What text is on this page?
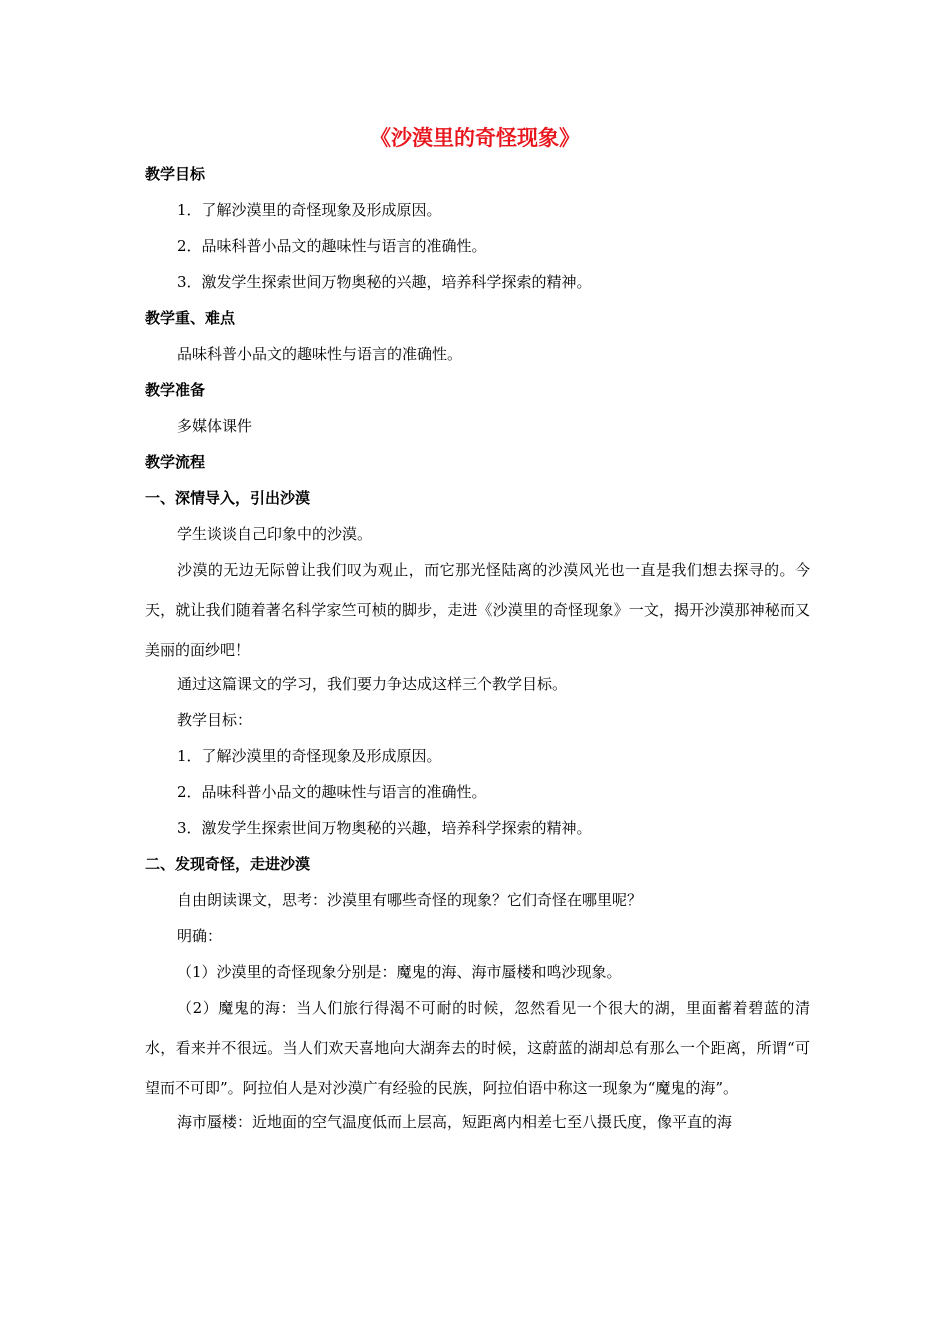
《沙漠里的奇怪现象》
教学目标
1．了解沙漠里的奇怪现象及形成原因。
2．品味科普小品文的趣味性与语言的准确性。
3．激发学生探索世间万物奥秘的兴趣，培养科学探索的精神。
教学重、难点
品味科普小品文的趣味性与语言的准确性。
教学准备
多媒体课件
教学流程
一、深情导入，引出沙漠
学生谈谈自己印象中的沙漠。

沙漠的无边无际曾让我们叹为观止，而它那光怪陆离的沙漠风光也一直是我们想去探寻的。今天，就让我们随着著名科学家竺可桢的脚步，走进《沙漠里的奇怪现象》一文，揭开沙漠那神秘而又美丽的面纱吧！

通过这篇课文的学习，我们要力争达成这样三个教学目标。
教学目标：
1．了解沙漠里的奇怪现象及形成原因。
2．品味科普小品文的趣味性与语言的准确性。
3．激发学生探索世间万物奥秘的兴趣，培养科学探索的精神。
二、发现奇怪，走进沙漠
自由朗读课文，思考：沙漠里有哪些奇怪的现象？它们奇怪在哪里呢？
明确：
（1）沙漠里的奇怪现象分别是：魔鬼的海、海市蜃楼和鸣沙现象。

（2）魔鬼的海：当人们旅行得渴不可耐的时候，忽然看见一个很大的湖，里面蓄着碧蓝的清水，看来并不很远。当人们欢天喜地向大湖奔去的时候，这蔚蓝的湖却总有那么一个距离，所谓“可望而不可即”。阿拉伯人是对沙漠广有经验的民族，阿拉伯语中称这一现象为“魔鬼的海”。

海市蜃楼：近地面的空气温度低而上层高，短距离内相差七至八摄氏度，像平直的海
